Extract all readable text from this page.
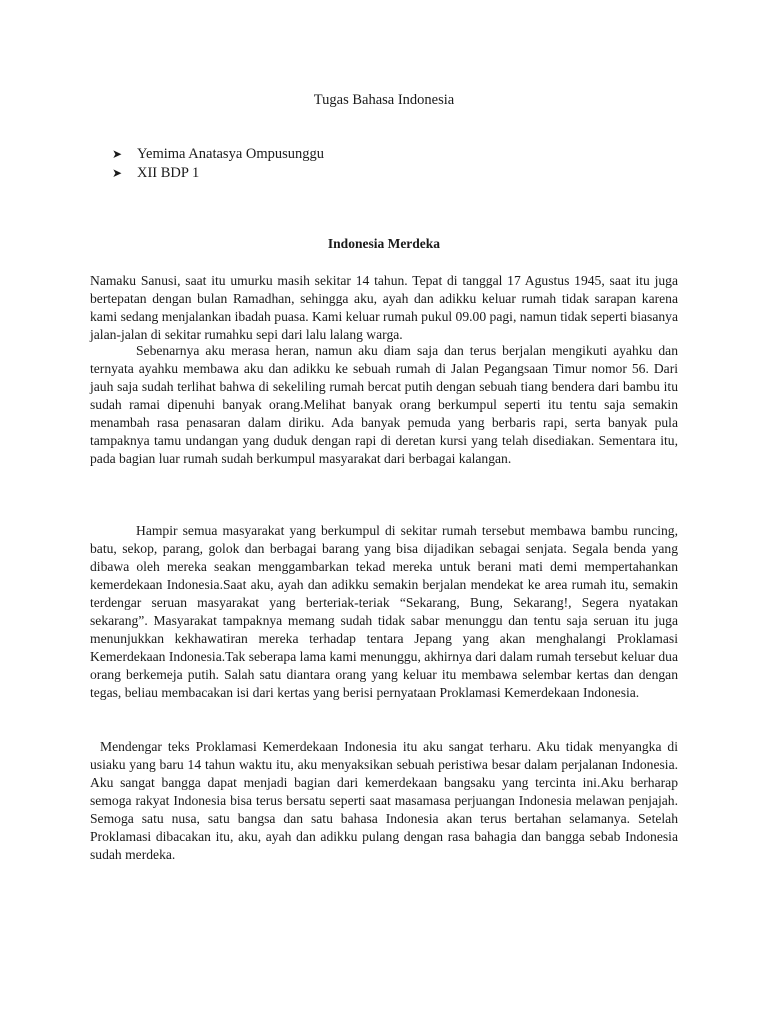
Tugas Bahasa Indonesia
➤	Yemima Anatasya Ompusunggu
➤	XII BDP 1
Indonesia Merdeka

Namaku Sanusi, saat itu umurku masih sekitar 14 tahun. Tepat di tanggal 17 Agustus 1945, saat itu juga bertepatan dengan bulan Ramadhan, sehingga aku, ayah dan adikku keluar rumah tidak sarapan karena kami sedang menjalankan ibadah puasa. Kami keluar rumah pukul 09.00 pagi, namun tidak seperti biasanya jalan-jalan di sekitar rumahku sepi dari lalu lalang warga.

Sebenarnya aku merasa heran, namun aku diam saja dan terus berjalan mengikuti ayahku dan ternyata ayahku membawa aku dan adikku ke sebuah rumah di Jalan Pegangsaan Timur nomor 56. Dari jauh saja sudah terlihat bahwa di sekeliling rumah bercat putih dengan sebuah tiang bendera dari bambu itu sudah ramai dipenuhi banyak orang.Melihat banyak orang berkumpul seperti itu tentu saja semakin menambah rasa penasaran dalam diriku. Ada banyak pemuda yang berbaris rapi, serta banyak pula tampaknya tamu undangan yang duduk dengan rapi di deretan kursi yang telah disediakan. Sementara itu, pada bagian luar rumah sudah berkumpul masyarakat dari berbagai kalangan.

Hampir semua masyarakat yang berkumpul di sekitar rumah tersebut membawa bambu runcing, batu, sekop, parang, golok dan berbagai barang yang bisa dijadikan sebagai senjata. Segala benda yang dibawa oleh mereka seakan menggambarkan tekad mereka untuk berani mati demi mempertahankan kemerdekaan Indonesia.Saat aku, ayah dan adikku semakin berjalan mendekat ke area rumah itu, semakin terdengar seruan masyarakat yang berteriak-teriak “Sekarang, Bung, Sekarang!, Segera nyatakan sekarang”. Masyarakat tampaknya memang sudah tidak sabar menunggu dan tentu saja seruan itu juga menunjukkan kekhawatiran mereka terhadap tentara Jepang yang akan menghalangi Proklamasi Kemerdekaan Indonesia.Tak seberapa lama kami menunggu, akhirnya dari dalam rumah tersebut keluar dua orang berkemeja putih. Salah satu diantara orang yang keluar itu membawa selembar kertas dan dengan tegas, beliau membacakan isi dari kertas yang berisi pernyataan Proklamasi Kemerdekaan Indonesia.

Mendengar teks Proklamasi Kemerdekaan Indonesia itu aku sangat terharu. Aku tidak menyangka di usiaku yang baru 14 tahun waktu itu, aku menyaksikan sebuah peristiwa besar dalam perjalanan Indonesia. Aku sangat bangga dapat menjadi bagian dari kemerdekaan bangsaku yang tercinta ini.Aku berharap semoga rakyat Indonesia bisa terus bersatu seperti saat masamasa perjuangan Indonesia melawan penjajah. Semoga satu nusa, satu bangsa dan satu bahasa Indonesia akan terus bertahan selamanya. Setelah Proklamasi dibacakan itu, aku, ayah dan adikku pulang dengan rasa bahagia dan bangga sebab Indonesia sudah merdeka.
